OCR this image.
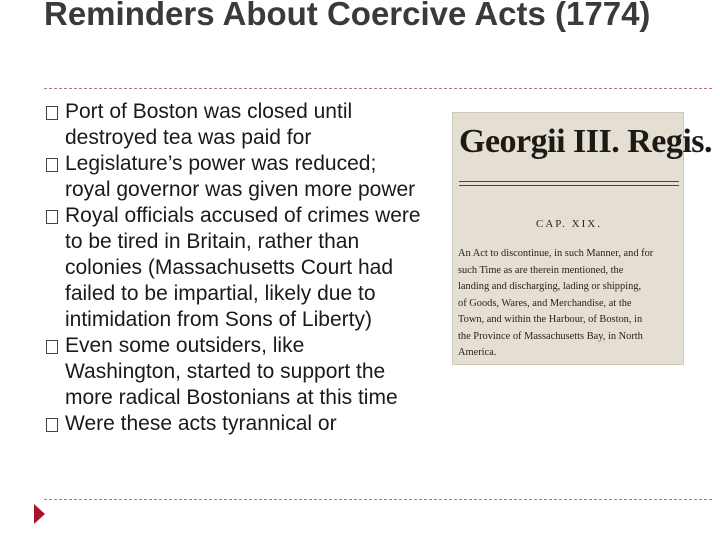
Reminders About Coercive Acts (1774)
Port of Boston was closed until destroyed tea was paid for
Legislature’s power was reduced; royal governor was given more power
Royal officials accused of crimes were to be tired in Britain, rather than colonies (Massachusetts Court had failed to be impartial, likely due to intimidation from Sons of Liberty)
Even some outsiders, like Washington, started to support the more radical Bostonians at this time
Were these acts tyrannical or
Georgii III. Regis.
CAP. XIX.
An Act to discontinue, in such Manner, and for
such Time as are therein mentioned, the
landing and discharging, lading or shipping,
of Goods, Wares, and Merchandise, at the
Town, and within the Harbour, of Boston, in
the Province of Massachusetts Bay, in North
America.
